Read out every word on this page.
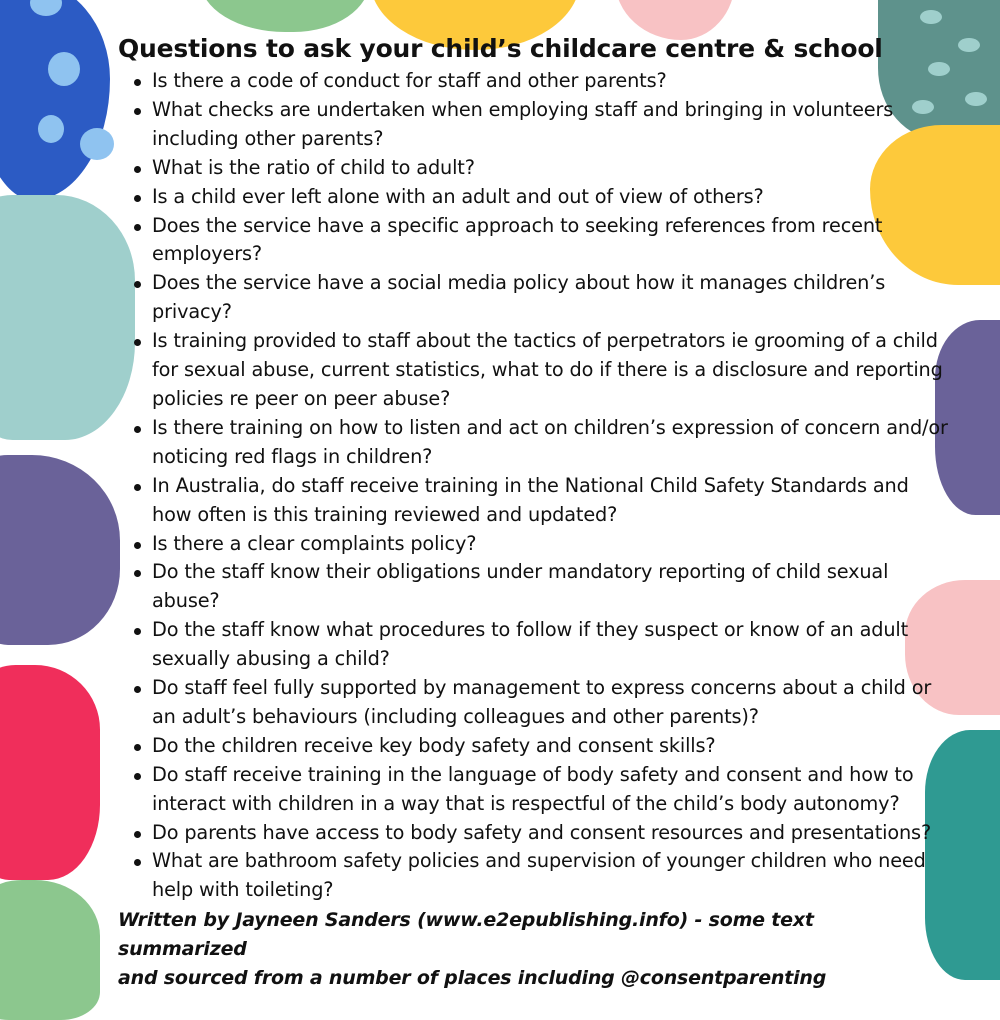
Questions to ask your child’s childcare centre & school
Is there a code of conduct for staff and other parents?
What checks are undertaken when employing staff and bringing in volunteers including other parents?
What is the ratio of child to adult?
Is a child ever left alone with an adult and out of view of others?
Does the service have a specific approach to seeking references from recent employers?
Does the service have a social media policy about how it manages children’s privacy?
Is training provided to staff about the tactics of perpetrators ie grooming of a child for sexual abuse, current statistics, what to do if there is a disclosure and reporting policies re peer on peer abuse?
Is there training on how to listen and act on children’s expression of concern and/or noticing red flags in children?
In Australia, do staff receive training in the National Child Safety Standards and how often is this training reviewed and updated?
Is there a clear complaints policy?
Do the staff know their obligations under mandatory reporting of child sexual abuse?
Do the staff know what procedures to follow if they suspect or know of an adult sexually abusing a child?
Do staff feel fully supported by management to express concerns about a child or an adult’s behaviours (including colleagues and other parents)?
Do the children receive key body safety and consent skills?
Do staff receive training in the language of body safety and consent and how to interact with children in a way that is respectful of the child’s body autonomy?
Do parents have access to body safety and consent resources and presentations?
What are bathroom safety policies and supervision of younger children who need help with toileting?

Written by Jayneen Sanders (www.e2epublishing.info) - some text summarized
and sourced from a number of places including @consentparenting
